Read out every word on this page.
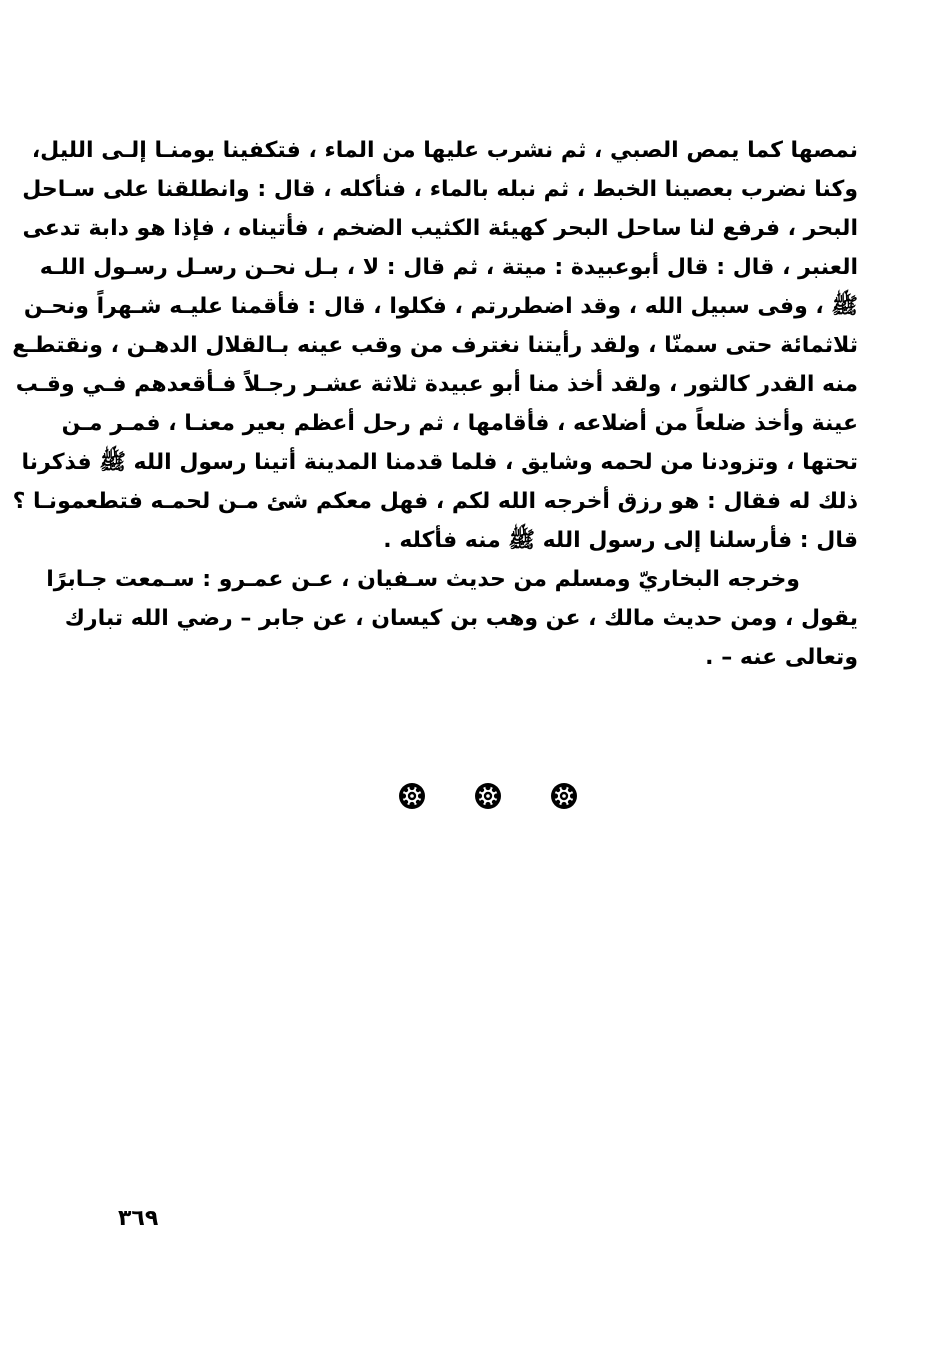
نمصها كما يمص الصبي ، ثم نشرب عليها من الماء ، فتكفينا يومنـا إلـى الليل،
وكنا نضرب بعصينا الخبط ، ثم نبله بالماء ، فنأكله ، قال : وانطلقنا على سـاحل
البحر ، فرفع لنا ساحل البحر كهيئة الكثيب الضخم ، فأتيناه ، فإذا هو دابة تدعى
العنبر ، قال : قال أبوعبيدة : ميتة ، ثم قال : لا ، بـل نحـن رسـل رسـول اللـه
ﷺ ، وفى سبيل الله ، وقد اضطررتم ، فكلوا ، قال : فأقمنا عليـه شـهراً ونحـن
ثلاثمائة حتى سمنّا ، ولقد رأيتنا نغترف من وقب عينه بـالقلال الدهـن ، ونقتطـع
منه القدر كالثور ، ولقد أخذ منا أبو عبيدة ثلاثة عشـر رجـلاً فـأقعدهم فـي وقـب
عينة وأخذ ضلعاً من أضلاعه ، فأقامها ، ثم رحل أعظم بعير معنـا ، فمـر مـن
تحتها ، وتزودنا من لحمه وشايق ، فلما قدمنا المدينة أتينا رسول الله ﷺ فذكرنا
ذلك له فقال : هو رزق أخرجه الله لكم ، فهل معكم شئ مـن لحمـه فتطعمونـا ؟
قال : فأرسلنا إلى رسول الله ﷺ منه فأكله .
وخرجه البخاريّ ومسلم من حديث سـفيان ، عـن عمـرو : سـمعت جـابرًا
يقول ، ومن حديث مالك ، عن وهب بن كيسان ، عن جابر – رضي الله تبارك
وتعالى عنه – .
٣٦٩
